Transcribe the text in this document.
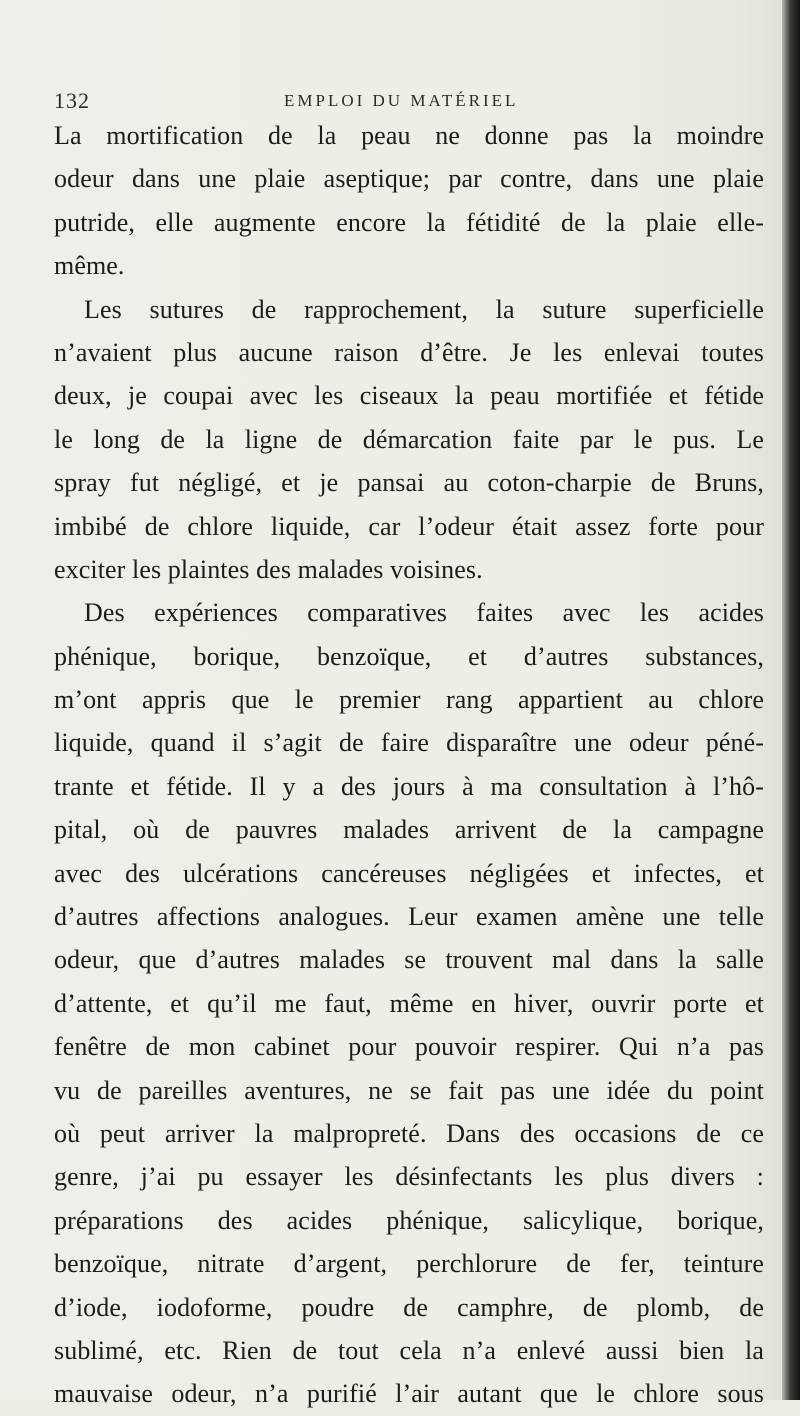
132	EMPLOI DU MATÉRIEL
La mortification de la peau ne donne pas la moindre
odeur dans une plaie aseptique; par contre, dans une plaie
putride, elle augmente encore la fétidité de la plaie elle-
même.
Les sutures de rapprochement, la suture superficielle
n’avaient plus aucune raison d’être. Je les enlevai toutes
deux, je coupai avec les ciseaux la peau mortifiée et fétide
le long de la ligne de démarcation faite par le pus. Le
spray fut négligé, et je pansai au coton-charpie de Bruns,
imbibé de chlore liquide, car l’odeur était assez forte pour
exciter les plaintes des malades voisines.
Des expériences comparatives faites avec les acides
phénique, borique, benzoïque, et d’autres substances,
m’ont appris que le premier rang appartient au chlore
liquide, quand il s’agit de faire disparaître une odeur péné-
trante et fétide. Il y a des jours à ma consultation à l’hô-
pital, où de pauvres malades arrivent de la campagne
avec des ulcérations cancéreuses négligées et infectes, et
d’autres affections analogues. Leur examen amène une telle
odeur, que d’autres malades se trouvent mal dans la salle
d’attente, et qu’il me faut, même en hiver, ouvrir porte et
fenêtre de mon cabinet pour pouvoir respirer. Qui n’a pas
vu de pareilles aventures, ne se fait pas une idée du point
où peut arriver la malpropreté. Dans des occasions de ce
genre, j’ai pu essayer les désinfectants les plus divers :
préparations des acides phénique, salicylique, borique,
benzoïque, nitrate d’argent, perchlorure de fer, teinture
d’iode, iodoforme, poudre de camphre, de plomb, de
sublimé, etc. Rien de tout cela n’a enlevé aussi bien la
mauvaise odeur, n’a purifié l’air autant que le chlore sous
